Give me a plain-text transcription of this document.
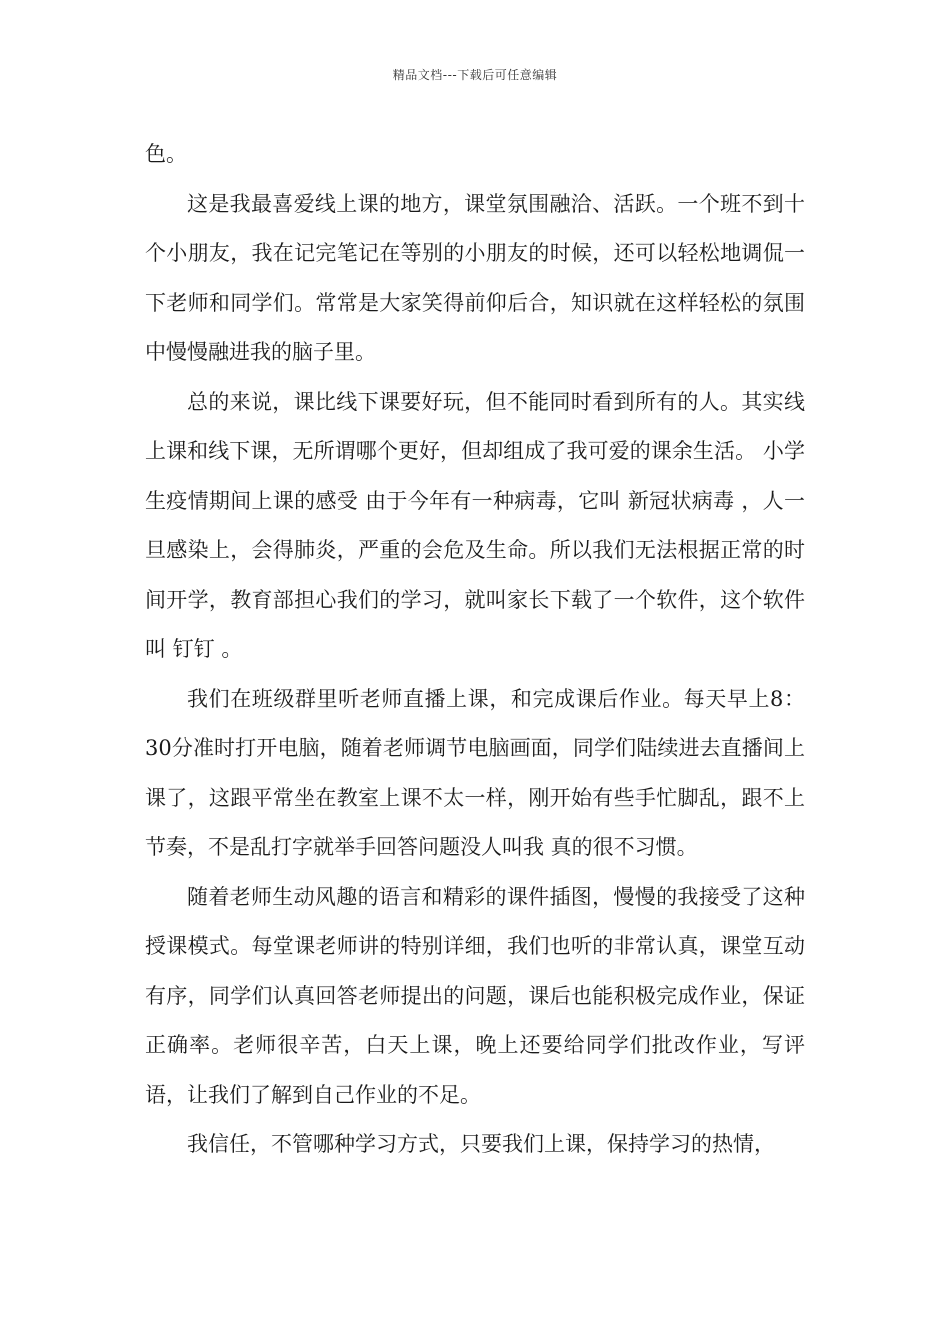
精品文档---下载后可任意编辑

色。

这是我最喜爱线上课的地方，课堂氛围融洽、活跃。一个班不到十个小朋友，我在记完笔记在等别的小朋友的时候，还可以轻松地调侃一下老师和同学们。常常是大家笑得前仰后合，知识就在这样轻松的氛围中慢慢融进我的脑子里。

总的来说，课比线下课要好玩，但不能同时看到所有的人。其实线上课和线下课，无所谓哪个更好，但却组成了我可爱的课余生活。 小学生疫情期间上课的感受 由于今年有一种病毒，它叫 新冠状病毒 ，人一旦感染上，会得肺炎，严重的会危及生命。所以我们无法根据正常的时间开学，教育部担心我们的学习，就叫家长下载了一个软件，这个软件叫 钉钉 。

我们在班级群里听老师直播上课，和完成课后作业。每天早上8：30分准时打开电脑，随着老师调节电脑画面，同学们陆续进去直播间上课了，这跟平常坐在教室上课不太一样，刚开始有些手忙脚乱，跟不上节奏，不是乱打字就举手回答问题没人叫我 真的很不习惯。

随着老师生动风趣的语言和精彩的课件插图，慢慢的我接受了这种授课模式。每堂课老师讲的特别详细，我们也听的非常认真，课堂互动有序，同学们认真回答老师提出的问题，课后也能积极完成作业，保证正确率。老师很辛苦，白天上课，晚上还要给同学们批改作业，写评语，让我们了解到自己作业的不足。

我信任，不管哪种学习方式，只要我们上课，保持学习的热情，
